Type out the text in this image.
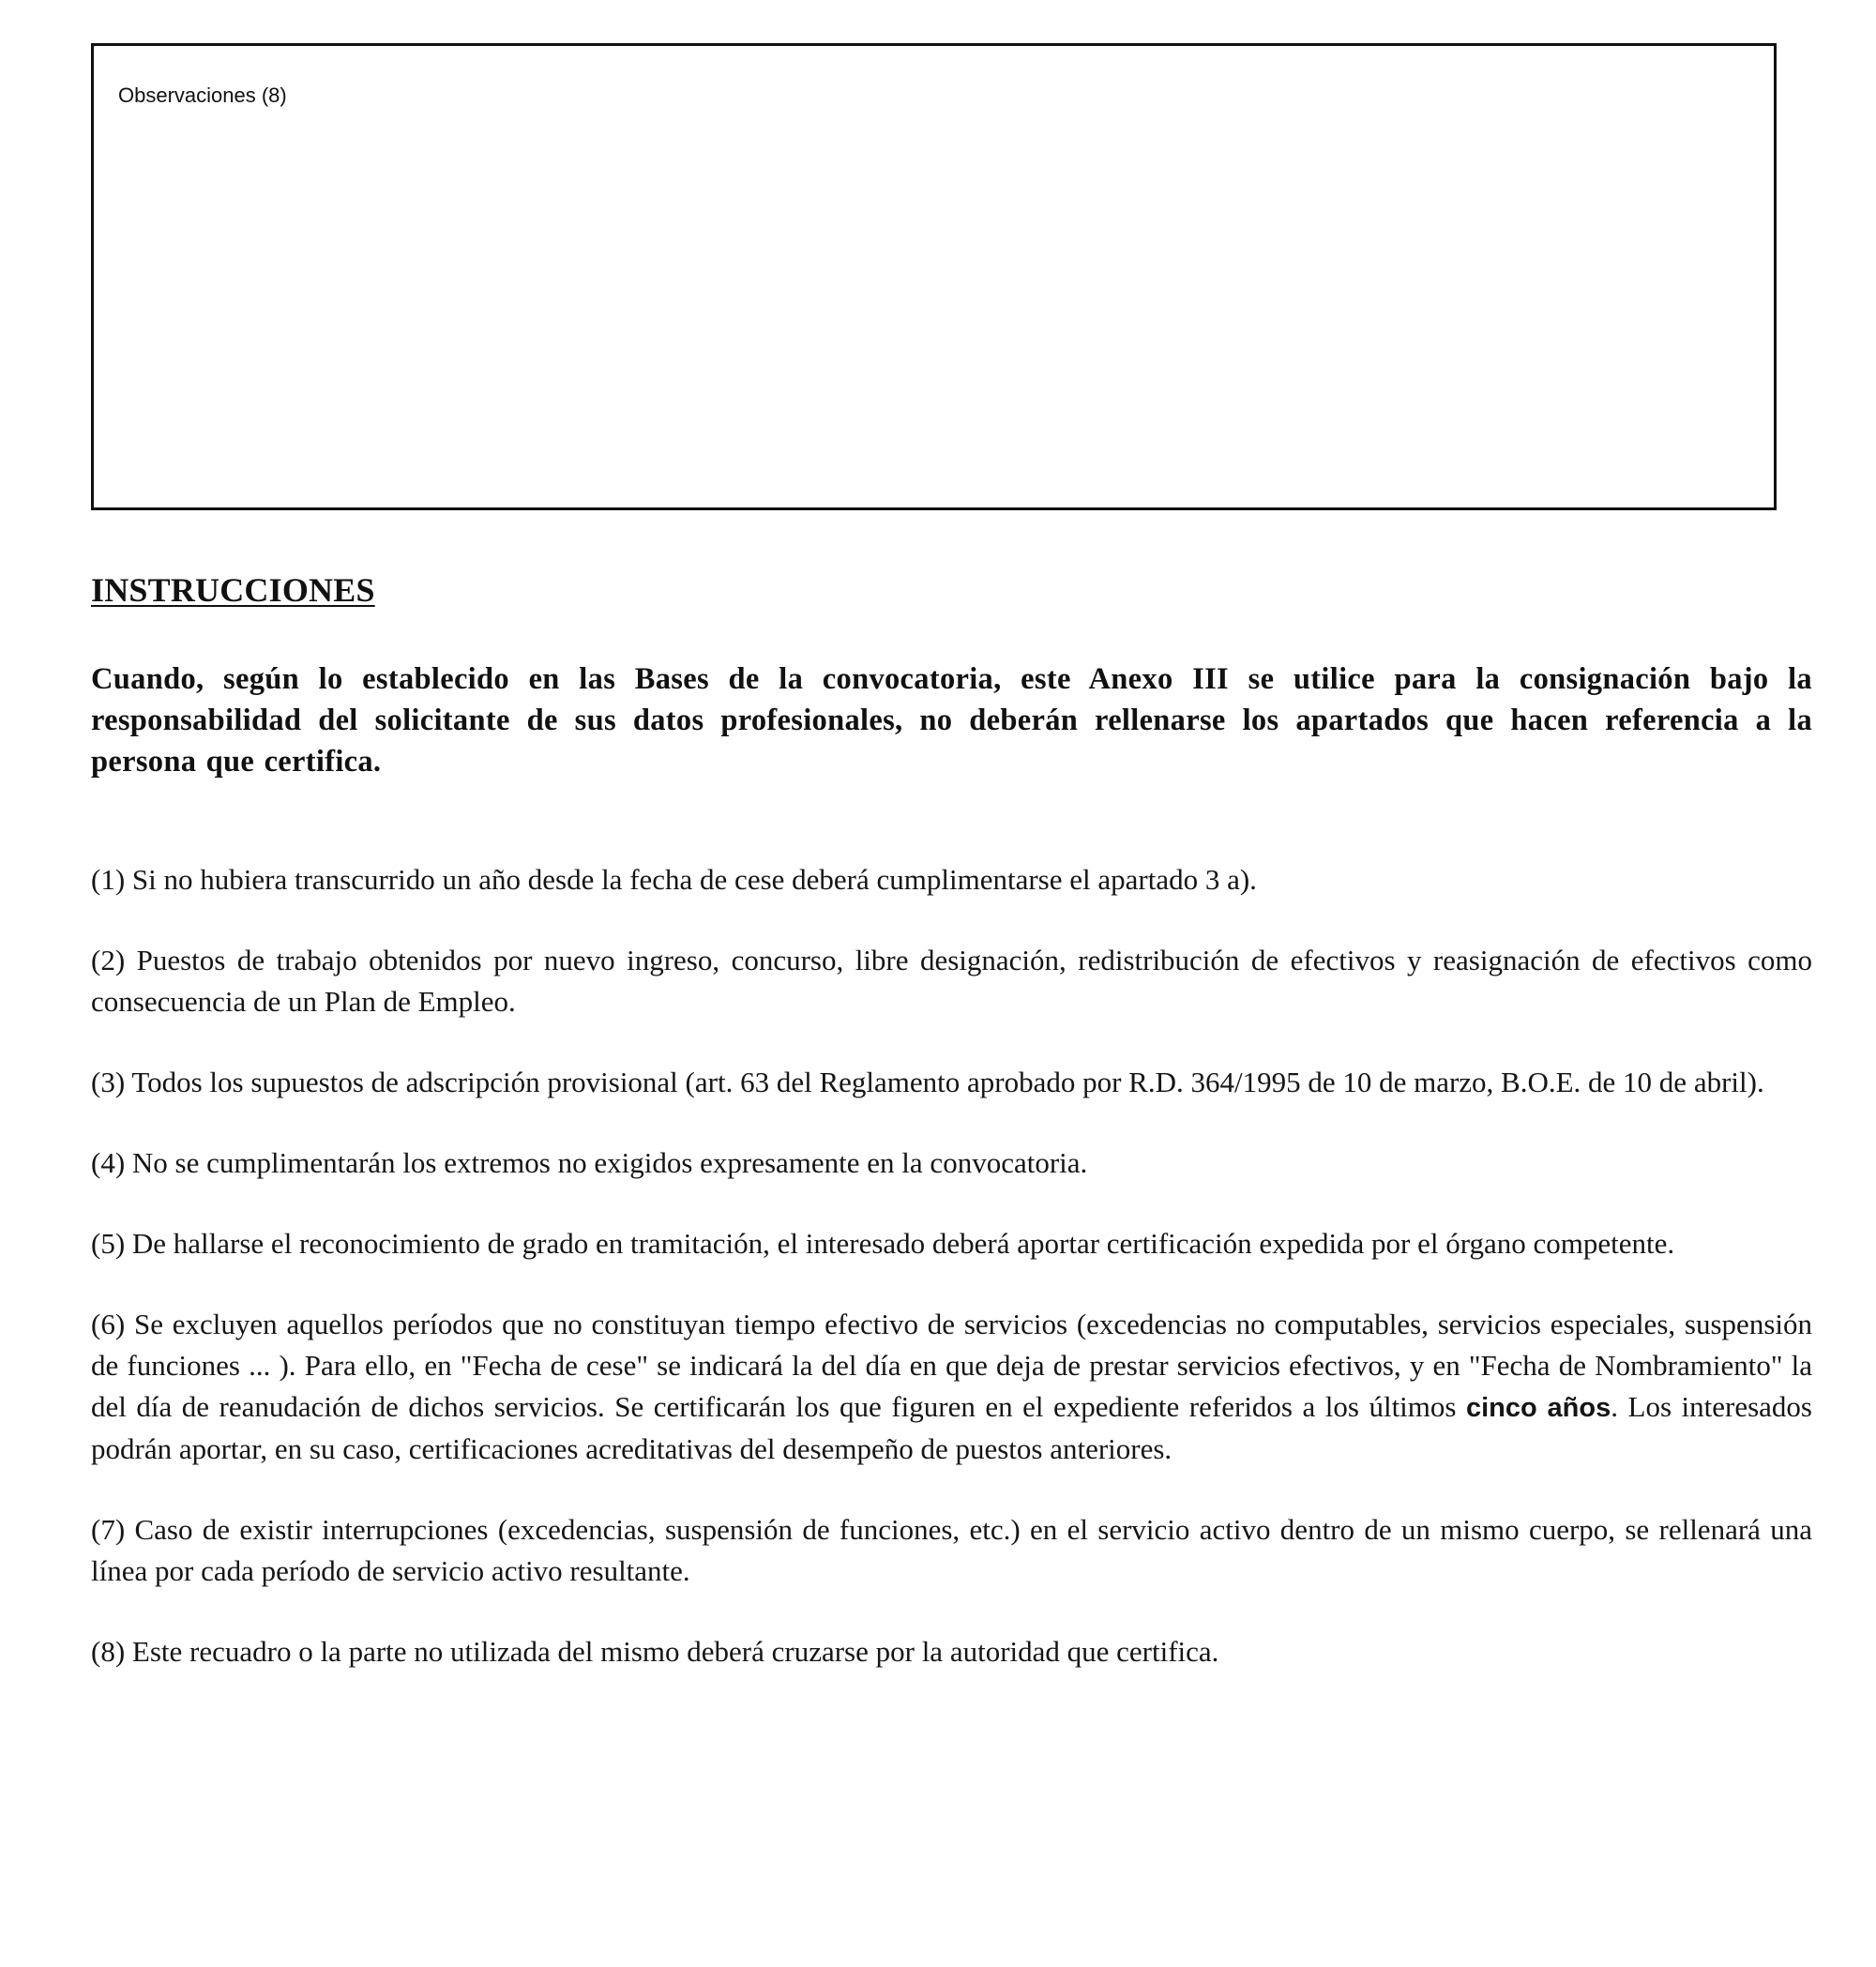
Observaciones (8)
INSTRUCCIONES

Cuando, según lo establecido en las Bases de la convocatoria, este Anexo III se utilice para la consignación bajo la responsabilidad del solicitante de sus datos profesionales, no deberán rellenarse los apartados que hacen referencia a la persona que certifica.

(1) Si no hubiera transcurrido un año desde la fecha de cese deberá cumplimentarse el apartado 3 a).

(2) Puestos de trabajo obtenidos por nuevo ingreso, concurso, libre designación, redistribución de efectivos y reasignación de efectivos como consecuencia de un Plan de Empleo.

(3) Todos los supuestos de adscripción provisional (art. 63 del Reglamento aprobado por R.D. 364/1995 de 10 de marzo, B.O.E. de 10 de abril).

(4) No se cumplimentarán los extremos no exigidos expresamente en la convocatoria.

(5) De hallarse el reconocimiento de grado en tramitación, el interesado deberá aportar certificación expedida por el órgano competente.

(6) Se excluyen aquellos períodos que no constituyan tiempo efectivo de servicios (excedencias no computables, servicios especiales, suspensión de funciones ... ). Para ello, en "Fecha de cese" se indicará la del día en que deja de prestar servicios efectivos, y en "Fecha de Nombramiento" la del día de reanudación de dichos servicios. Se certificarán los que figuren en el expediente referidos a los últimos cinco años. Los interesados podrán aportar, en su caso, certificaciones acreditativas del desempeño de puestos anteriores.

(7) Caso de existir interrupciones (excedencias, suspensión de funciones, etc.) en el servicio activo dentro de un mismo cuerpo, se rellenará una línea por cada período de servicio activo resultante.

(8) Este recuadro o la parte no utilizada del mismo deberá cruzarse por la autoridad que certifica.
